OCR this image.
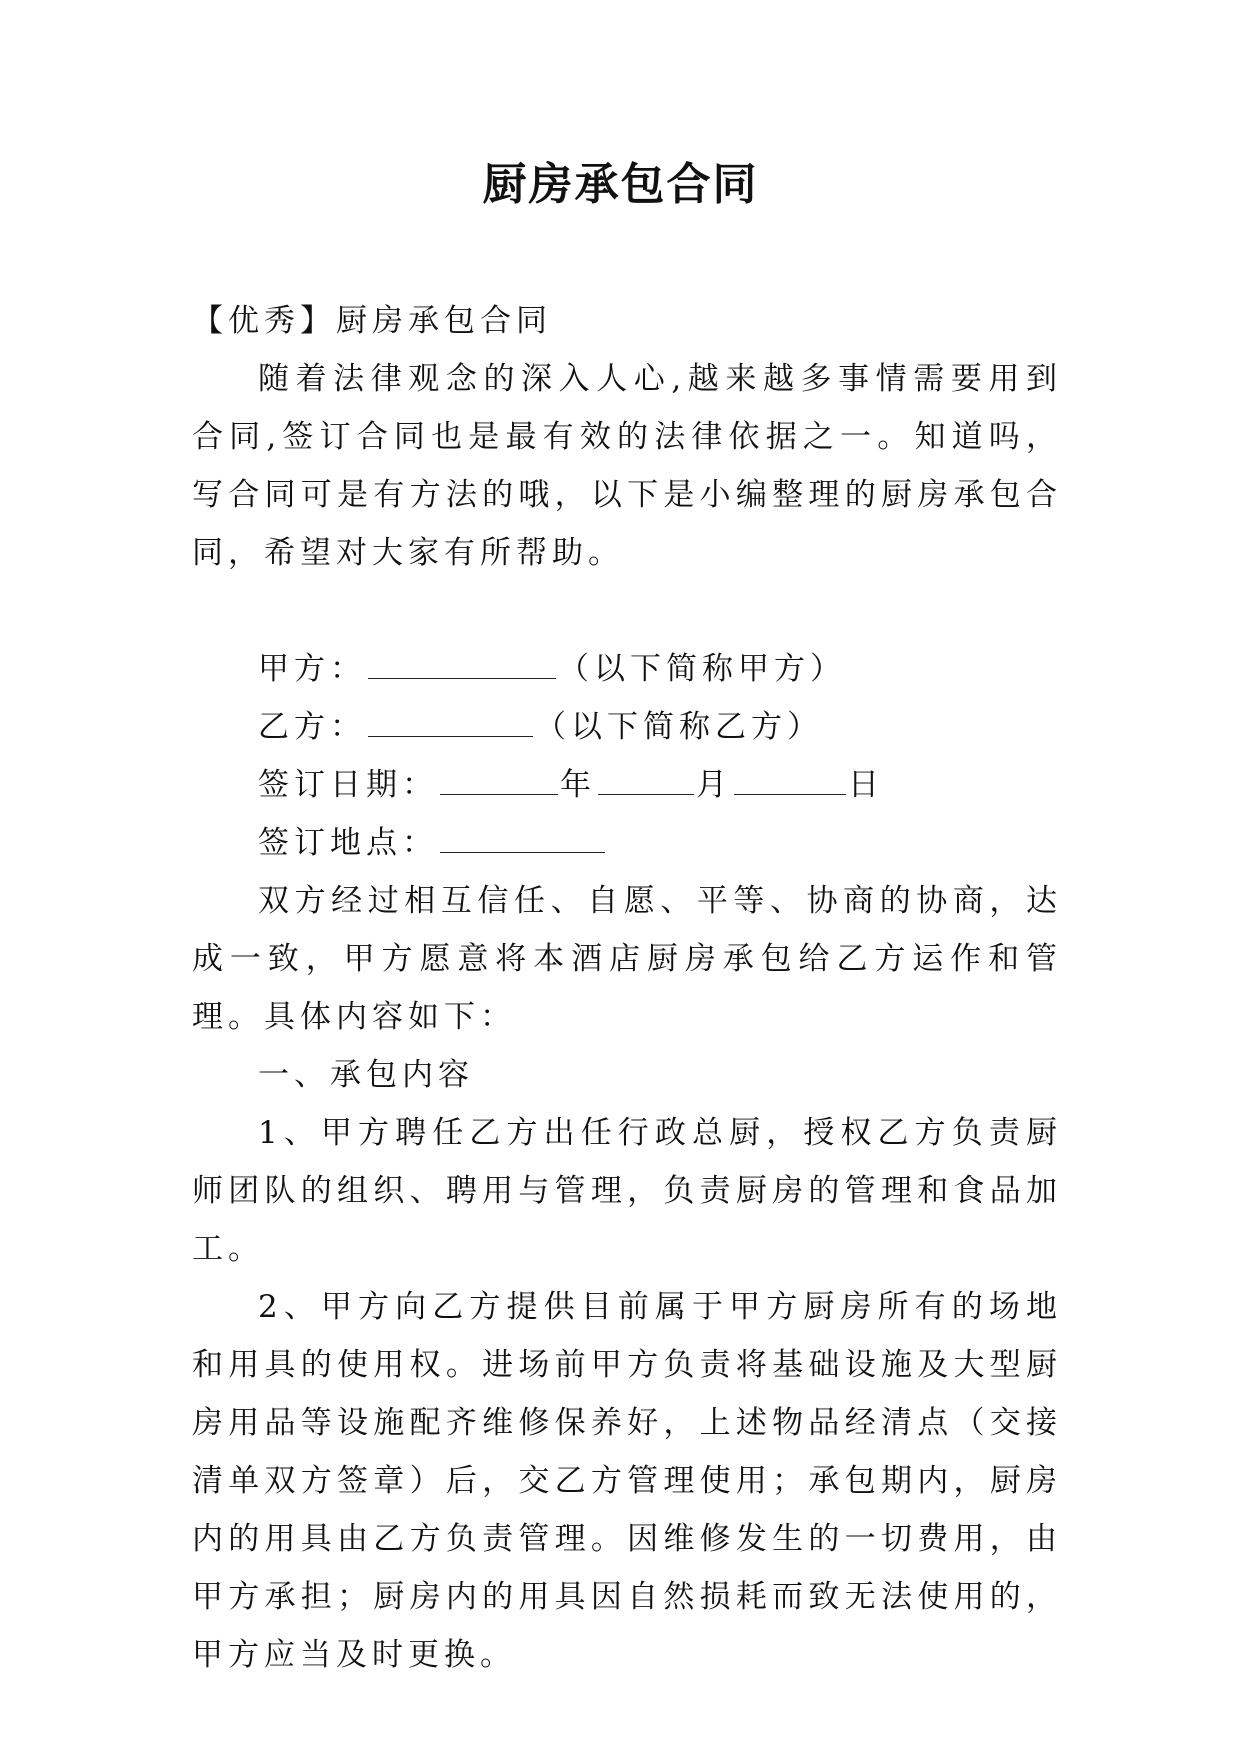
厨房承包合同

【优秀】厨房承包合同

随着法律观念的深入人心,越来越多事情需要用到合同,签订合同也是最有效的法律依据之一。知道吗，写合同可是有方法的哦，以下是小编整理的厨房承包合同，希望对大家有所帮助。

甲方：	（以下简称甲方）

乙方：	（以下简称乙方）

签订日期：	年	月	日

签订地点：

双方经过相互信任、自愿、平等、协商的协商，达成一致，甲方愿意将本酒店厨房承包给乙方运作和管理。具体内容如下：

一、承包内容

1、甲方聘任乙方出任行政总厨，授权乙方负责厨师团队的组织、聘用与管理，负责厨房的管理和食品加工。

2、甲方向乙方提供目前属于甲方厨房所有的场地和用具的使用权。进场前甲方负责将基础设施及大型厨房用品等设施配齐维修保养好，上述物品经清点（交接清单双方签章）后，交乙方管理使用；承包期内，厨房内的用具由乙方负责管理。因维修发生的一切费用，由甲方承担；厨房内的用具因自然损耗而致无法使用的，甲方应当及时更换。
